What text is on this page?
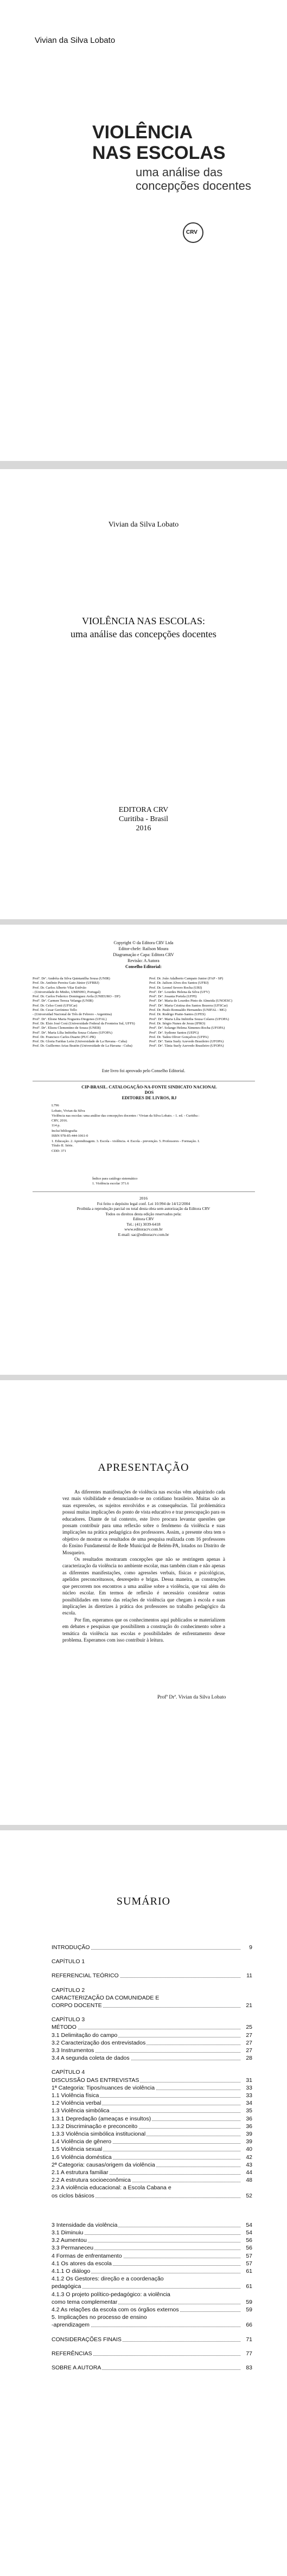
Vivian da Silva Lobato
VIOLÊNCIA
NAS ESCOLAS
uma análise das
concepções docentes
CRV
Vivian da Silva Lobato
VIOLÊNCIA NAS ESCOLAS:
uma análise das concepções docentes
EDITORA CRV
Curitiba - Brasil
2016
Copyright © da Editora CRV Ltda
Editor-chefe: Railson Moura
Diagramação e Capa: Editora CRV
Revisão: A Autora
Conselho Editorial:
Profª. Drª. Andréia da Silva Quintanilha Sousa (UNIR)
Prof. Dr. Antônio Pereira Gaio Júnior (UFRRJ)
Prof. Dr. Carlos Alberto Vilar Estêvão
- (Universidade do Minho, UMINHO, Portugal)
Prof. Dr. Carlos Federico Dominguez Avila (UNIEURO - DF)
Profª. Drª. Carmen Tereza Velanga (UNIR)
Prof. Dr. Celso Conti (UFSCar)
Prof. Dr. Cesar Gerónimo Tello
- (Universidad Nacional de Três de Febrero - Argentina)
Profª. Drª. Elione Maria Nogueira Diogenes (UFAL)
Prof. Dr. Élsio José Corá (Universidade Federal da Fronteira Sul, UFFS)
Profª. Drª. Elizeu Clementino de Souza (UNEB)
Profª. Drª. Maria Lília Imbiriba Sousa Colares (UFOPA)
Prof. Dr. Francisco Carlos Duarte (PUC-PR)
Prof. Dr. Gloria Fariñas León (Universidade de La Havana - Cuba)
Prof. Dr. Guillermo Arias Beatón (Universidade de La Havana - Cuba)
Prof. Dr. João Adalberto Campato Junior (FAP - SP)
Prof. Dr. Jailson Alves dos Santos (UFRJ)
Prof. Dr. Leonel Severo Rocha (URI)
Profª. Drª. Lourdes Helena da Silva (UFV)
Profª. Drª. Josania Portela (UFPI)
Profª. Drª. Maria de Lourdes Pinto de Almeida (UNOESC)
Profª. Drª. Maria Cristina dos Santos Bezerra (UFSCar)
Prof. Dr. Paulo Romualdo Hernandes (UNIFAL - MG)
Prof. Dr. Rodrigo Pratte-Santos (UFES)
Profª. Drª. Maria Lília Imbiriba Sousa Colares (UFOPA)
Prof. Dr. Sérgio Nunes de Jesus (IFRO)
Profª. Drª. Solange Helena Ximenes-Rocha (UFOPA)
Profª. Drª. Sydione Santos (UEPG)
Prof. Dr. Tadeu Oliver Gonçalves (UFPA)
Profª. Drª. Tania Suely Azevedo Brasileiro (UFOPA)
Profª. Drª. Tânia Suely Azevedo Brasileiro (UFOPA)
Este livro foi aprovado pelo Conselho Editorial.
CIP-BRASIL. CATALOGAÇÃO-NA-FONTE SINDICATO NACIONAL DOS
EDITORES DE LIVROS, RJ
L796
Lobato, Vivian da Silva
Violência nas escolas: uma análise das concepções docentes / Vivian da Silva Lobato. - 1. ed. - Curitiba : CRV, 2016.
114 p.
Inclui bibliografia
ISBN 978-85-444-1061-0
1. Educação. 2. Aprendizagem. 3. Escola - violência. 4. Escola - prevenção. 5. Professores - Formação. I. Título II. Série.
CDD: 371
Índice para catálogo sistemático
1. Violência escolar 371.6
2016
Foi feito o depósito legal conf. Lei 10.994 de 14/12/2004
Proibida a reprodução parcial ou total desta obra sem autorização da Editora CRV
Todos os direitos desta edição reservados pela:
Editora CRV
Tel.: (41) 3039-6418
www.editoracrv.com.br
E-mail: sac@editoracrv.com.br
APRESENTAÇÃO

As diferentes manifestações de violência nas escolas vêm adquirindo cada vez mais visibilidade e denunciando-se no cotidiano brasileiro. Muitas são as suas expressões, os sujeitos envolvidos e as consequências. Tal problemática possui muitas implicações do ponto de vista educativo e traz preocupação para os educadores. Diante de tal contexto, este livro procura levantar questões que possam contribuir para uma reflexão sobre o fenômeno da violência e suas implicações na prática pedagógica dos professores. Assim, a presente obra tem o objetivo de mostrar os resultados de uma pesquisa realizada com 16 professores do Ensino Fundamental de Rede Municipal de Belém-PA, lotados no Distrito de Mosqueiro.

Os resultados mostraram concepções que não se restringem apenas à caracterização da violência no ambiente escolar, mas também citam e não apenas as diferentes manifestações, como agressões verbais, físicas e psicológicas, apelidos preconceituosos, desrespeito e brigas. Dessa maneira, as construções que percorrem nos encontros a uma análise sobre a violência, que vai além do núcleo escolar. Em termos de reflexão é necessário considerar outras possibilidades em torno das relações de violência que chegam à escola e suas implicações às diretrizes à prática dos professores no trabalho pedagógico da escola.

Por fim, esperamos que os conhecimentos aqui publicados se materializem em debates e pesquisas que possibilitem a construção do conhecimento sobre a temática da violência nas escolas e possibilidades de enfrentamento desse problema. Esperamos com isso contribuir à leitura.

Profª Drª. Vivian da Silva Lobato
SUMÁRIO
INTRODUÇÃO	9
CAPÍTULO 1
REFERENCIAL TEÓRICO	11
CAPÍTULO 2
CARACTERIZAÇÃO DA COMUNIDADE E
CORPO DOCENTE	21
CAPÍTULO 3
MÉTODO	25
3.1 Delimitação do campo	27
3.2 Caracterização dos entrevistados	27
3.3 Instrumentos	27
3.4 A segunda coleta de dados	28
CAPÍTULO 4
DISCUSSÃO DAS ENTREVISTAS	31
1ª Categoria: Tipos/nuances de violência	33
1.1 Violência física	33
1.2 Violência verbal	34
1.3 Violência simbólica	35
1.3.1 Depredação (ameaças e insultos)	36
1.3.2 Discriminação e preconceito	36
1.3.3 Violência simbólica institucional	39
1.4 Violência de gênero	39
1.5 Violência sexual	40
1.6 Violência doméstica	42
2ª Categoria: causas/origem da violência	43
2.1 A estrutura familiar	44
2.2 A estrutura socioeconômica	48
2.3 A violência educacional: a Escola Cabana e
os ciclos básicos	52
3 Intensidade da violência	54
3.1 Diminuiu	54
3.2 Aumentou	56
3.3 Permaneceu	56
4 Formas de enfrentamento	57
4.1 Os atores da escola	57
4.1.1 O diálogo	61
4.1.2 Os Gestores: direção e a coordenação
pedagógica	61
4.1.3 O projeto político-pedagógico: a violência
como tema complementar	59
4.2 As relações da escola com os órgãos externos	59
5. Implicações no processo de ensino
-aprendizagem	66
CONSIDERAÇÕES FINAIS	71
REFERÊNCIAS	77
SOBRE A AUTORA	83
